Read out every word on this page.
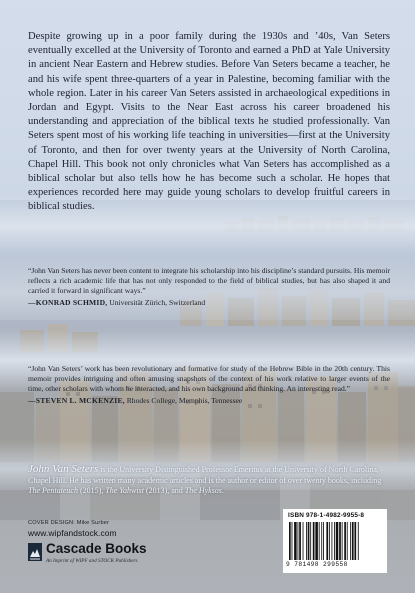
Despite growing up in a poor family during the 1930s and ’40s, Van Seters eventually excelled at the University of Toronto and earned a PhD at Yale University in ancient Near Eastern and Hebrew studies. Before Van Seters became a teacher, he and his wife spent three-quarters of a year in Palestine, becoming familiar with the whole region. Later in his career Van Seters assisted in archaeological expeditions in Jordan and Egypt. Visits to the Near East across his career broadened his understanding and appreciation of the biblical texts he studied professionally. Van Seters spent most of his working life teaching in universities—first at the University of Toronto, and then for over twenty years at the University of North Carolina, Chapel Hill. This book not only chronicles what Van Seters has accomplished as a biblical scholar but also tells how he has become such a scholar. He hopes that experiences recorded here may guide young scholars to develop fruitful careers in biblical studies.

“John Van Seters has never been content to integrate his scholarship into his discipline’s standard pursuits. His memoir reflects a rich academic life that has not only responded to the field of biblical studies, but has also shaped it and carried it forward in significant ways.”

—KONRAD SCHMID, Universität Zürich, Switzerland

“John Van Seters’ work has been revolutionary and formative for study of the Hebrew Bible in the 20th century. This memoir provides intriguing and often amusing snapshots of the context of his work relative to larger events of the time, other scholars with whom he interacted, and his own background and thinking. An interesting read.”

—STEVEN L. MCKENZIE, Rhodes College, Memphis, Tennessee

John Van Seters is the University Distinguished Professor Emeritus at the University of North Carolina, Chapel Hill. He has written many academic articles and is the author or editor of over twenty books, including The Pentateuch (2015), The Yahwist (2013), and The Hyksos.

COVER DESIGN: Mike Surber

www.wipfandstock.com

Cascade Books
An Imprint of WIPF and STOCK Publishers
ISBN 978-1-4982-9955-8
9 781498 299558
